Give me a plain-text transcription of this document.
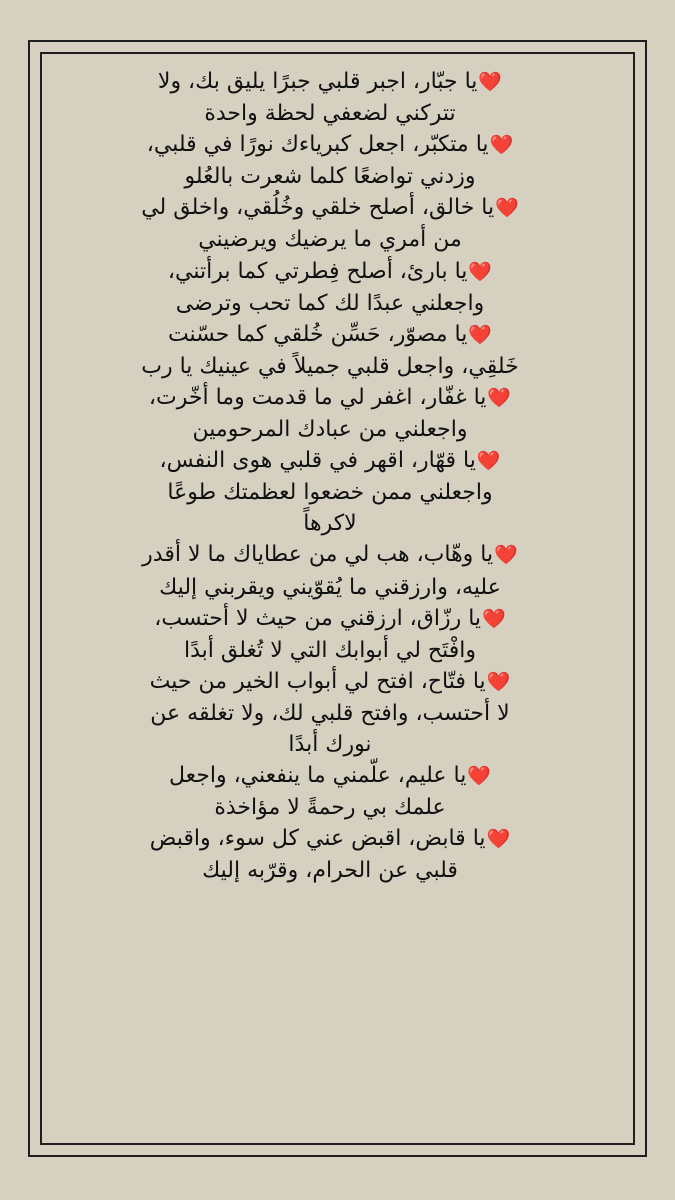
❤️يا جبّار، اجبر قلبي جبرًا يليق بك، ولا تتركني لضعفي لحظة واحدة

❤️يا متكبّر، اجعل كبرياءك نورًا في قلبي، وزدني تواضعًا كلما شعرت بالعُلو

❤️يا خالق، أصلح خلقي وخُلُقي، واخلق لي من أمري ما يرضيك ويرضيني

❤️يا بارئ، أصلح فِطرتي كما برأتني، واجعلني عبدًا لك كما تحب وترضى

❤️يا مصوّر، حَسِّن خُلقي كما حسّنت خَلقِي، واجعل قلبي جميلاً في عينيك يا رب

❤️يا غفّار، اغفر لي ما قدمت وما أخّرت، واجعلني من عبادك المرحومين

❤️يا قهّار، اقهر في قلبي هوى النفس، واجعلني ممن خضعوا لعظمتك طوعًا لاكرهاً

❤️يا وهّاب، هب لي من عطاياك ما لا أقدر عليه، وارزقني ما يُقوّيني ويقربني إليك

❤️يا رزّاق، ارزقني من حيث لا أحتسب، وافْتَح لي أبوابك التي لا تُغلق أبدًا

❤️يا فتّاح، افتح لي أبواب الخير من حيث لا أحتسب، وافتح قلبي لك، ولا تغلقه عن نورك أبدًا

❤️يا عليم، علّمني ما ينفعني، واجعل علمك بي رحمةً لا مؤاخذة

❤️يا قابض، اقبض عني كل سوء، واقبض قلبي عن الحرام، وقرّبه إليك
